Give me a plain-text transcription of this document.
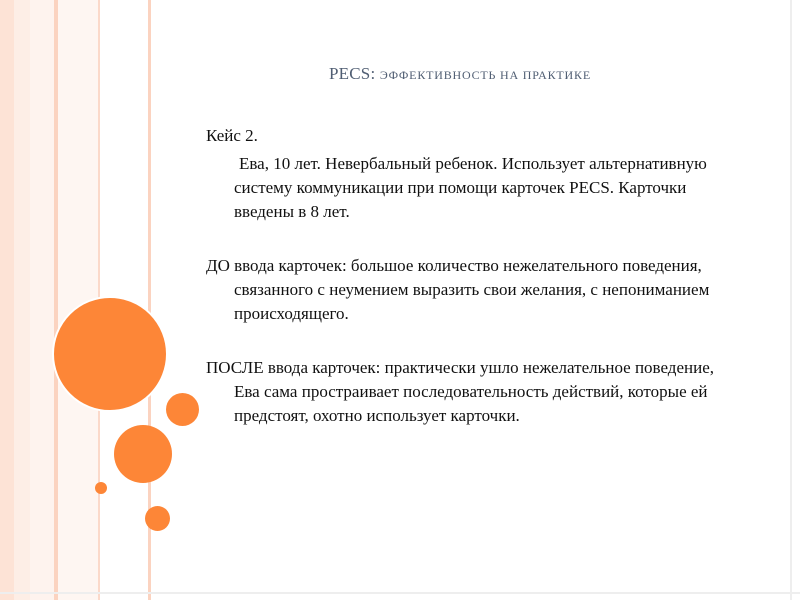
PECS: ЭФФЕКТИВНОСТЬ НА ПРАКТИКЕ

Кейс 2.

Ева, 10 лет. Невербальный ребенок. Использует альтернативную систему коммуникации при помощи карточек PECS. Карточки введены в 8 лет.

ДО ввода карточек: большое количество нежелательного поведения, связанного с неумением выразить свои желания, с непониманием происходящего.

ПОСЛЕ ввода карточек: практически ушло нежелательное поведение, Ева сама простраивает последовательность действий, которые ей предстоят, охотно использует карточки.
